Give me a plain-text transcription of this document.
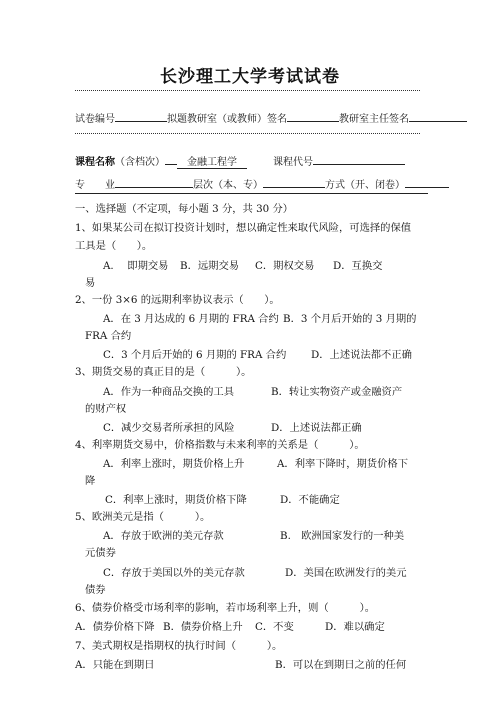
长沙理工大学考试试卷
试卷编号	拟题教研室（或教师）签名	教研室主任签名
课程名称（含档次） 金融工程学	课程代号
专　　业	层次（本、专）	方式（开、闭卷）
一、选择题（不定项，每小题 3 分，共 30 分）
1、如果某公司在拟订投资计划时，想以确定性来取代风险，可选择的保值
工具是（　　）。
A.　 即期交易 B．远期交易 C．期权交易 D．互换交
易
2、一份 3×6 的远期利率协议表示（　　）。
A．在 3 月达成的 6 月期的 FRA 合约 B．3 个月后开始的 3 月期的
FRA 合约
C．3 个月后开始的 6 月期的 FRA 合约 D．上述说法都不正确
3、期货交易的真正目的是（　　　）。
A．作为一种商品交换的工具	B．转让实物资产或金融资产
的财产权
C．减少交易者所承担的风险	D．上述说法都正确
4、利率期货交易中，价格指数与未来利率的关系是（　　　）。
A．利率上涨时，期货价格上升	A．利率下降时，期货价格下
降
C．利率上涨时，期货价格下降	D．不能确定
5、欧洲美元是指（　　　）。
A．存放于欧洲的美元存款	B.　欧洲国家发行的一种美
元债券
C．存放于美国以外的美元存款	D．美国在欧洲发行的美元
债券
6、债券价格受市场利率的影响，若市场利率上升，则（　　　）。
A．债券价格下降 B．债券价格上升 C．不变	D．难以确定
7、美式期权是指期权的执行时间（　　　）。
A．只能在到期日	B．可以在到期日之前的任何
